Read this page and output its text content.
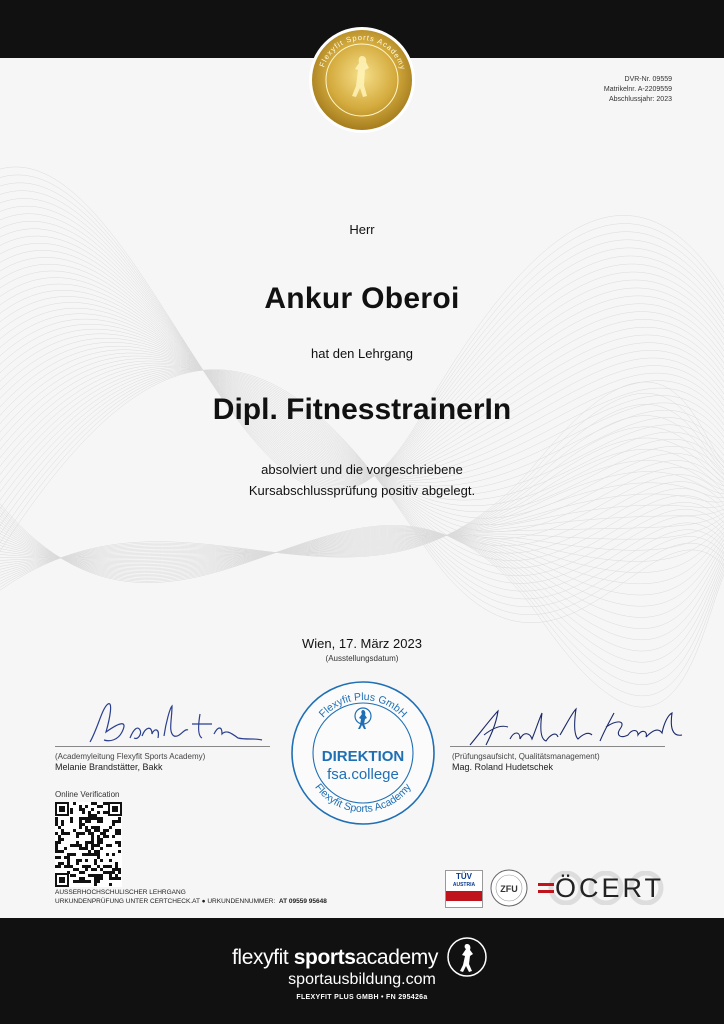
Flexyfit Sports Academy
DVR-Nr. 09559
Matrikelnr. A-2209559
Abschlussjahr: 2023
Herr
Ankur Oberoi
hat den Lehrgang
Dipl. FitnesstrainerIn
absolviert und die vorgeschriebene
Kursabschlussprüfung positiv abgelegt.
Wien, 17. März 2023
(Ausstellungsdatum)
(Academyleitung Flexyfit Sports Academy)
Melanie Brandstätter, Bakk
(Prüfungsaufsicht, Qualitätsmanagement)
Mag. Roland Hudetschek
Flexyfit Plus GmbH
Flexyfit Sports Academy
DIREKTION
fsa.college
Online Verification
AUSSERHOCHSCHULISCHER LEHRGANG
URKUNDENPRÜFUNG UNTER CERTCHECK.AT ● URKUNDENNUMMER: AT 09559 95648
TÜV
AUSTRIA	ZFU ÖCERT
flexyfit sportsacademy
sportausbildung.com
FLEXYFIT PLUS GMBH • FN 295426a
